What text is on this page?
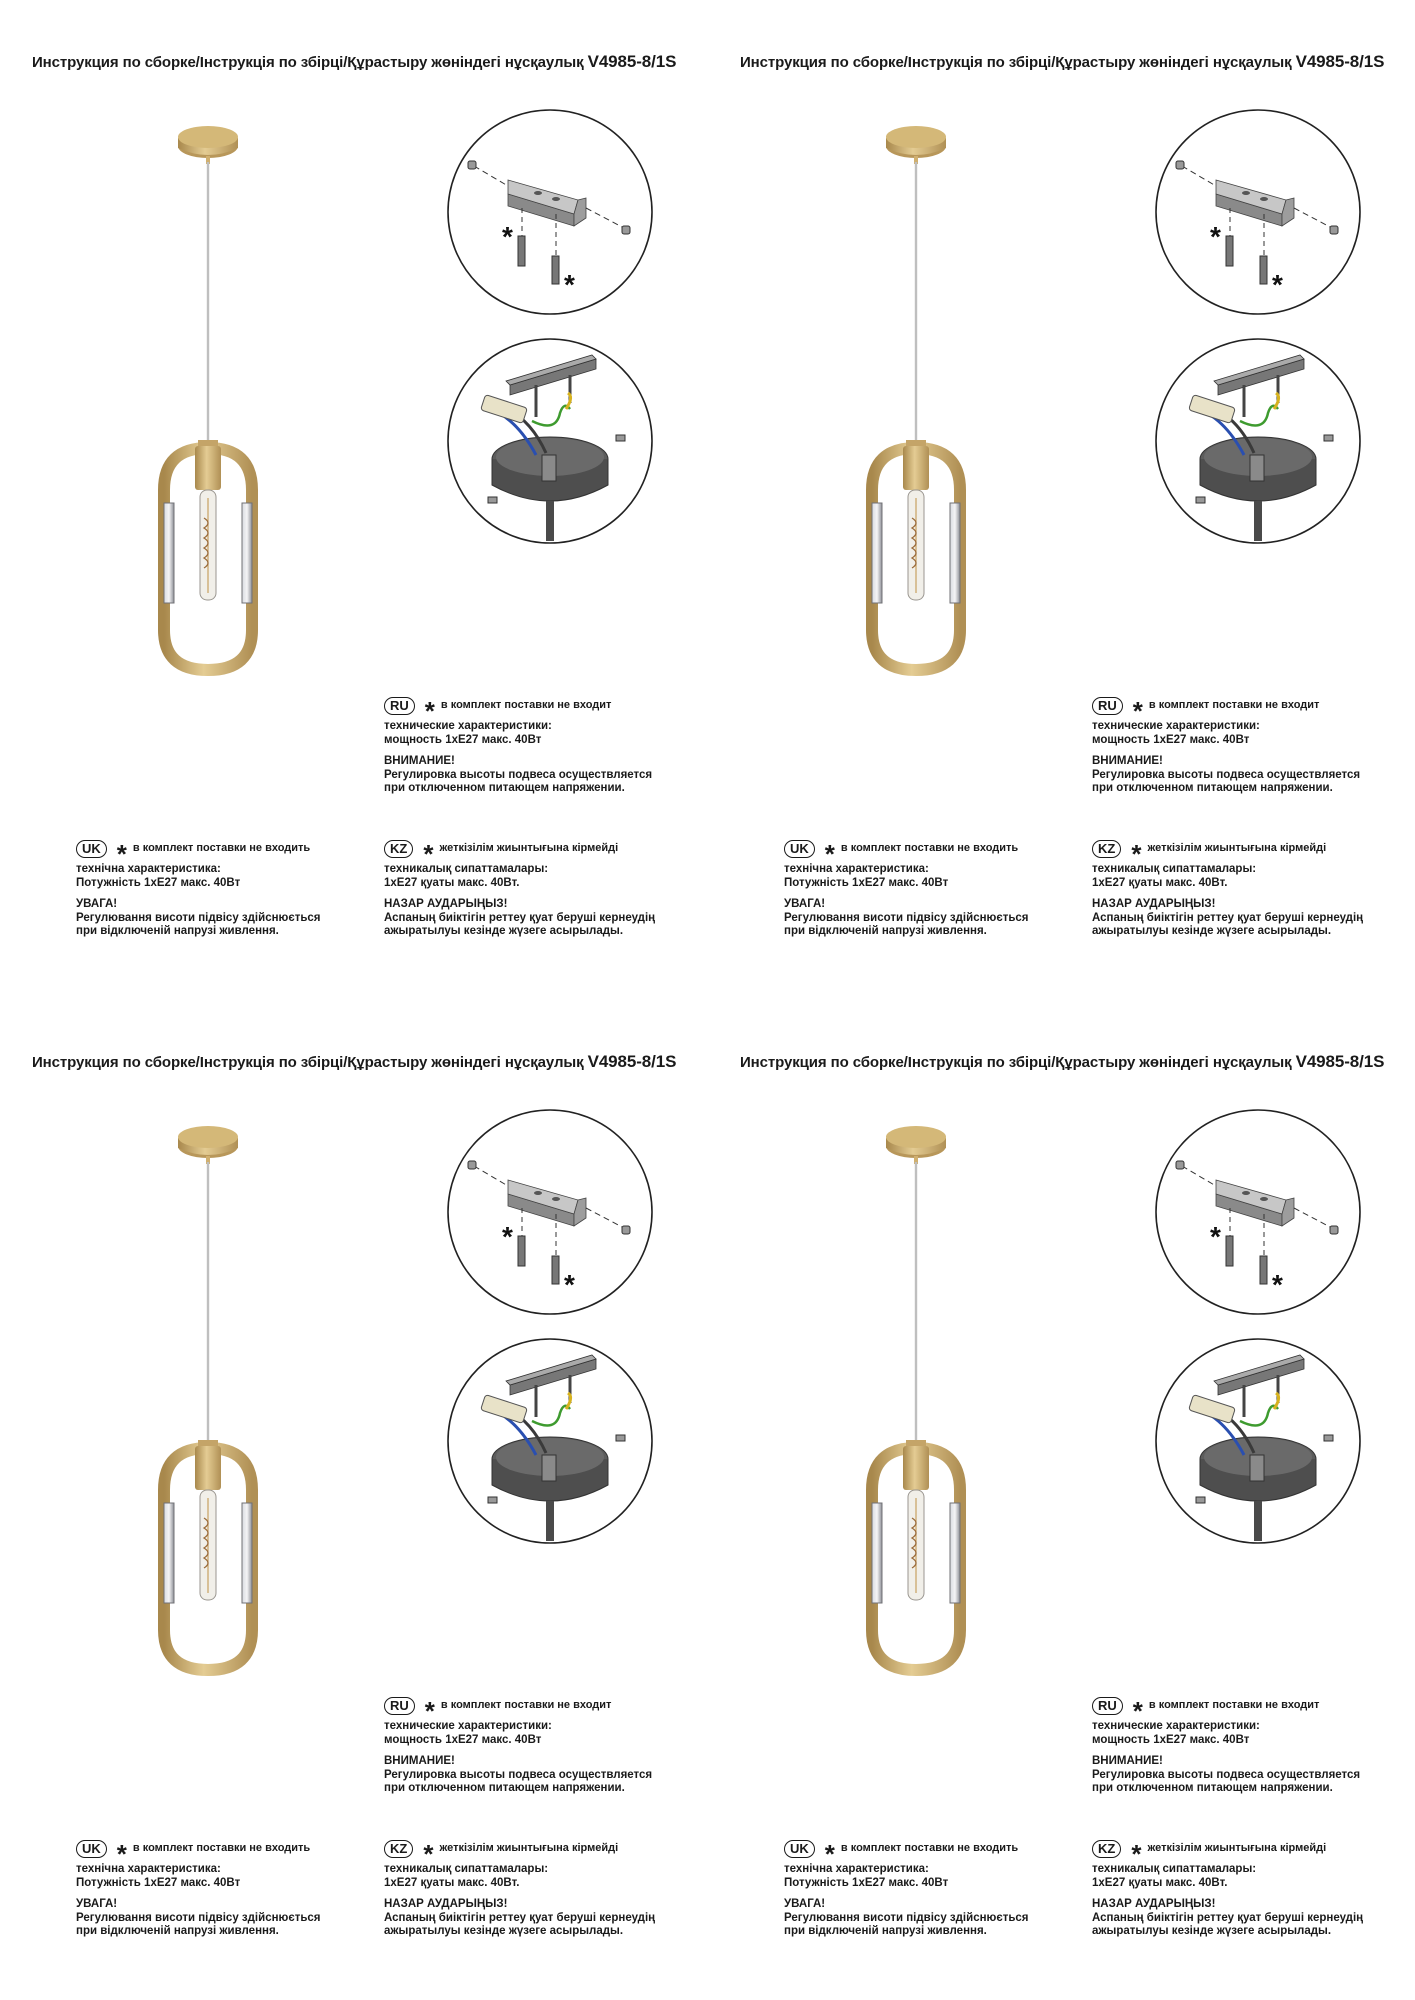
Инструкция по сборке/Інструкція по збірці/Құрастыру жөніндегі нұсқаулық V4985-8/1S
*
*
RU * в комплект поставки не входит
технические характеристики:
мощность 1xE27 макс. 40Вт
ВНИМАНИЕ!
Регулировка высоты подвеса осуществляется
при отключенном питающем напряжении.
UK * в комплект поставки не входить
технічна характеристика:
Потужність 1xE27 макс. 40Вт
УВАГА!
Регулювання висоти підвісу здійснюється
при відключеній напрузі живлення.
KZ * жеткізілім жиынтығына кірмейді
техникалық сипаттамалары:
1xE27 қуаты макс. 40Вт.
НАЗАР АУДАРЫҢЫЗ!
Аспаның биіктігін реттеу қуат беруші кернеудің
ажыратылуы кезінде жүзеге асырылады.
Инструкция по сборке/Інструкція по збірці/Құрастыру жөніндегі нұсқаулық V4985-8/1S
*
*
RU * в комплект поставки не входит
технические характеристики:
мощность 1xE27 макс. 40Вт
ВНИМАНИЕ!
Регулировка высоты подвеса осуществляется
при отключенном питающем напряжении.
UK * в комплект поставки не входить
технічна характеристика:
Потужність 1xE27 макс. 40Вт
УВАГА!
Регулювання висоти підвісу здійснюється
при відключеній напрузі живлення.
KZ * жеткізілім жиынтығына кірмейді
техникалық сипаттамалары:
1xE27 қуаты макс. 40Вт.
НАЗАР АУДАРЫҢЫЗ!
Аспаның биіктігін реттеу қуат беруші кернеудің
ажыратылуы кезінде жүзеге асырылады.
Инструкция по сборке/Інструкція по збірці/Құрастыру жөніндегі нұсқаулық V4985-8/1S
*
*
RU * в комплект поставки не входит
технические характеристики:
мощность 1xE27 макс. 40Вт
ВНИМАНИЕ!
Регулировка высоты подвеса осуществляется
при отключенном питающем напряжении.
UK * в комплект поставки не входить
технічна характеристика:
Потужність 1xE27 макс. 40Вт
УВАГА!
Регулювання висоти підвісу здійснюється
при відключеній напрузі живлення.
KZ * жеткізілім жиынтығына кірмейді
техникалық сипаттамалары:
1xE27 қуаты макс. 40Вт.
НАЗАР АУДАРЫҢЫЗ!
Аспаның биіктігін реттеу қуат беруші кернеудің
ажыратылуы кезінде жүзеге асырылады.
Инструкция по сборке/Інструкція по збірці/Құрастыру жөніндегі нұсқаулық V4985-8/1S
*
*
RU * в комплект поставки не входит
технические характеристики:
мощность 1xE27 макс. 40Вт
ВНИМАНИЕ!
Регулировка высоты подвеса осуществляется
при отключенном питающем напряжении.
UK * в комплект поставки не входить
технічна характеристика:
Потужність 1xE27 макс. 40Вт
УВАГА!
Регулювання висоти підвісу здійснюється
при відключеній напрузі живлення.
KZ * жеткізілім жиынтығына кірмейді
техникалық сипаттамалары:
1xE27 қуаты макс. 40Вт.
НАЗАР АУДАРЫҢЫЗ!
Аспаның биіктігін реттеу қуат беруші кернеудің
ажыратылуы кезінде жүзеге асырылады.
